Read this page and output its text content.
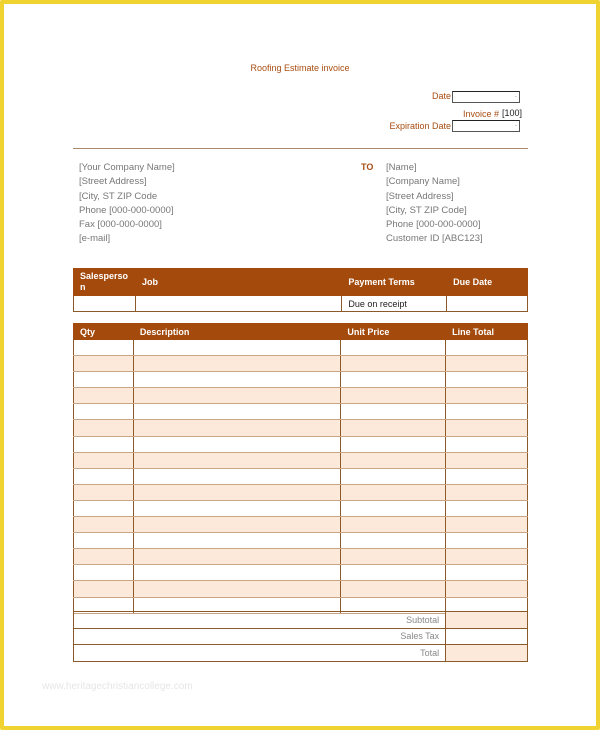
Roofing Estimate invoice
Date	.
Invoice # [100]
Expiration Date	.
[Your Company Name]
[Street Address]
[City, ST ZIP Code
Phone [000-000-0000]
Fax [000-000-0000]
[e-mail]
TO [Name]
[Company Name]
[Street Address]
[City, ST ZIP Code]
Phone [000-000-0000]
Customer ID [ABC123]
Salesperso
n	Job	Payment Terms	Due Date
		Due on receipt	
Qty	Description	Unit Price	Line Total

Subtotal	
Sales Tax	
Total	
www.heritagechristiancollege.com
